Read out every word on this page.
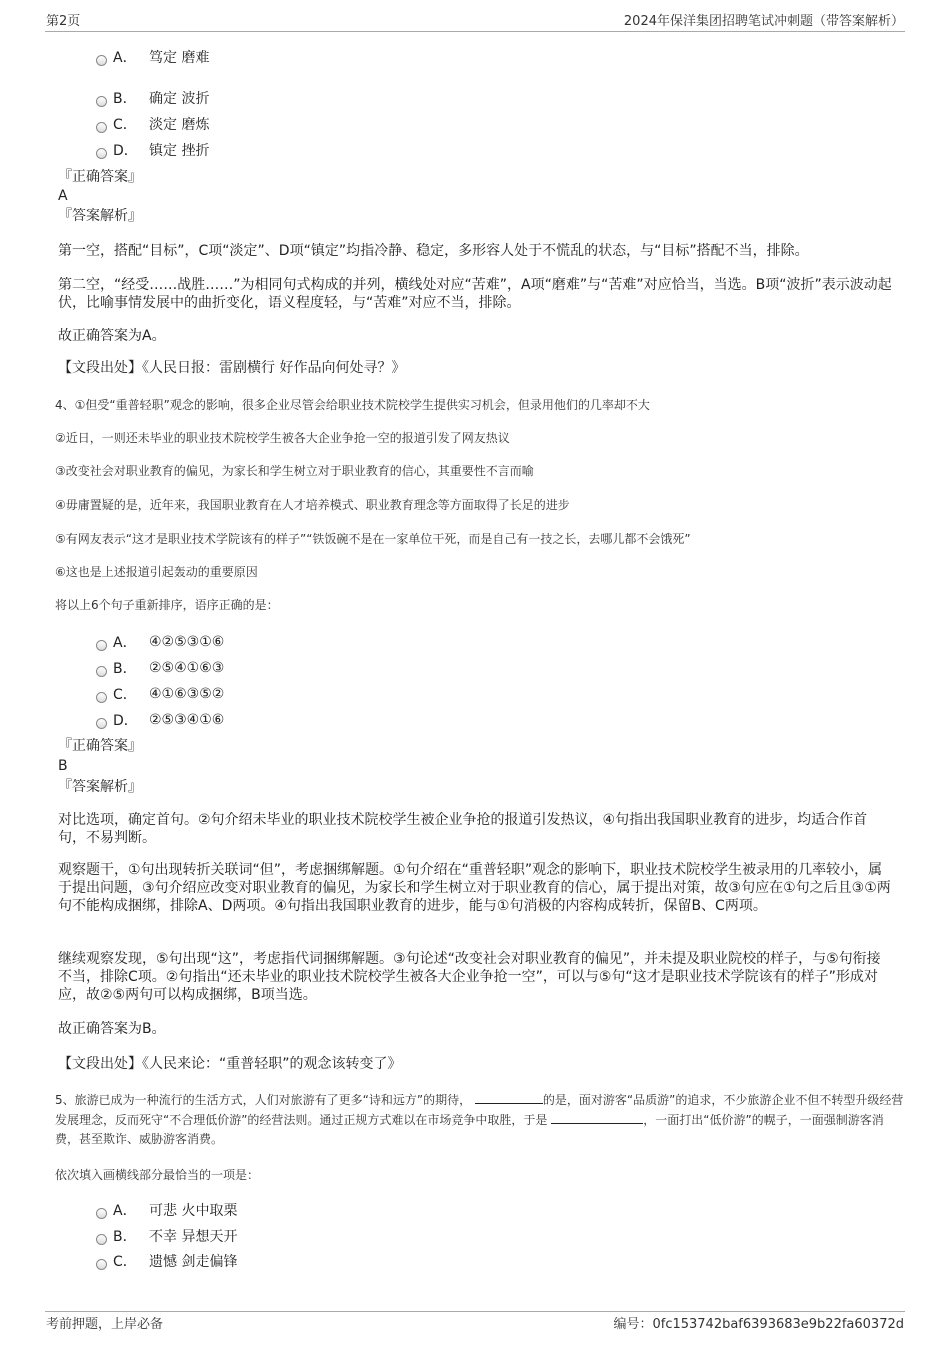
第2页	2024年保洋集团招聘笔试冲刺题（带答案解析）
A． 笃定 磨难
B． 确定 波折
C． 淡定 磨炼
D． 镇定 挫折
『正确答案』
A
『答案解析』
第一空，搭配“目标”，C项“淡定”、D项“镇定”均指冷静、稳定，多形容人处于不慌乱的状态，与“目标”搭配不当，排除。
第二空，“经受……战胜……”为相同句式构成的并列，横线处对应“苦难”，A项“磨难”与“苦难”对应恰当，当选。B项“波折”表示波动起伏，比喻事情发展中的曲折变化，语义程度轻，与“苦难”对应不当，排除。
故正确答案为A。
【文段出处】《人民日报：雷剧横行 好作品向何处寻？》
4、①但受“重普轻职”观念的影响，很多企业尽管会给职业技术院校学生提供实习机会，但录用他们的几率却不大
②近日，一则还未毕业的职业技术院校学生被各大企业争抢一空的报道引发了网友热议
③改变社会对职业教育的偏见，为家长和学生树立对于职业教育的信心，其重要性不言而喻
④毋庸置疑的是，近年来，我国职业教育在人才培养模式、职业教育理念等方面取得了长足的进步
⑤有网友表示“这才是职业技术学院该有的样子”“铁饭碗不是在一家单位干死，而是自己有一技之长，去哪儿都不会饿死”
⑥这也是上述报道引起轰动的重要原因
将以上6个句子重新排序，语序正确的是：
A． ④②⑤③①⑥
B． ②⑤④①⑥③
C． ④①⑥③⑤②
D． ②⑤③④①⑥
『正确答案』
B
『答案解析』
对比选项，确定首句。②句介绍未毕业的职业技术院校学生被企业争抢的报道引发热议，④句指出我国职业教育的进步，均适合作首句，不易判断。
观察题干，①句出现转折关联词“但”，考虑捆绑解题。①句介绍在“重普轻职”观念的影响下，职业技术院校学生被录用的几率较小，属于提出问题，③句介绍应改变对职业教育的偏见，为家长和学生树立对于职业教育的信心，属于提出对策，故③句应在①句之后且③①两句不能构成捆绑，排除A、D两项。④句指出我国职业教育的进步，能与①句消极的内容构成转折，保留B、C两项。
继续观察发现，⑤句出现“这”，考虑指代词捆绑解题。③句论述“改变社会对职业教育的偏见”，并未提及职业院校的样子，与⑤句衔接不当，排除C项。②句指出“还未毕业的职业技术院校学生被各大企业争抢一空”，可以与⑤句“这才是职业技术学院该有的样子”形成对应，故②⑤两句可以构成捆绑，B项当选。
故正确答案为B。
【文段出处】《人民来论：“重普轻职”的观念该转变了》
5、旅游已成为一种流行的生活方式，人们对旅游有了更多“诗和远方”的期待，	的是，面对游客“品质游”的追求，不少旅游企业不但不转型升级经营发展理念，反而死守“不合理低价游”的经营法则。通过正规方式难以在市场竞争中取胜，于是	，一面打出“低价游”的幌子，一面强制游客消费，甚至欺诈、威胁游客消费。
依次填入画横线部分最恰当的一项是：
A． 可悲 火中取栗
B． 不幸 异想天开
C． 遗憾 剑走偏锋
考前押题，上岸必备	编号：0fc153742baf6393683e9b22fa60372d
